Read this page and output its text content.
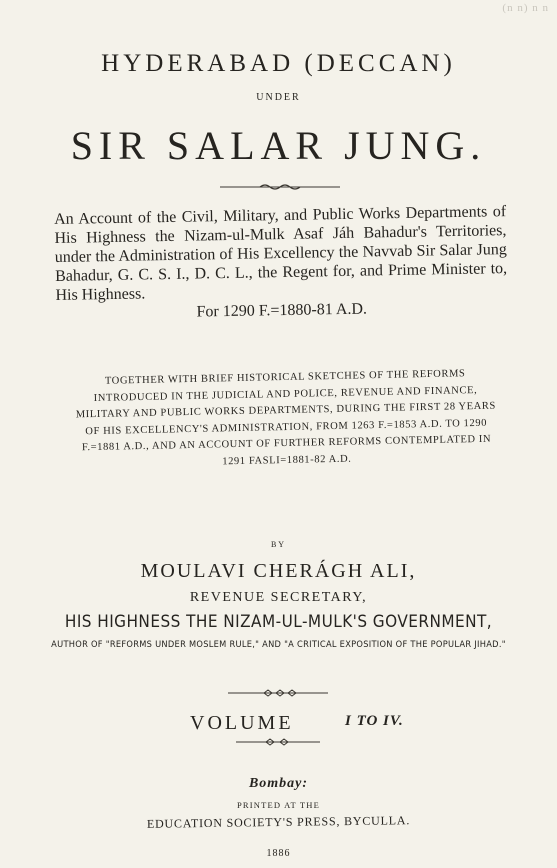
(n n) n n
HYDERABAD (DECCAN)
UNDER
SIR SALAR JUNG.
An Account of the Civil, Military, and Public Works Departments of His Highness the Nizam-ul-Mulk Asaf Jáh Bahadur's Territories, under the Administration of His Excellency the Navvab Sir Salar Jung Bahadur, G. C. S. I., D. C. L., the Regent for, and Prime Minister to, His Highness.
For 1290 F.=1880-81 A.D.
TOGETHER WITH BRIEF HISTORICAL SKETCHES OF THE REFORMS INTRODUCED IN THE JUDICIAL AND POLICE, REVENUE AND FINANCE, MILITARY AND PUBLIC WORKS DEPARTMENTS, DURING THE FIRST 28 YEARS OF HIS EXCELLENCY'S ADMINISTRATION, FROM 1263 F.=1853 A.D. TO 1290 F.=1881 A.D., AND AN ACCOUNT OF FURTHER REFORMS CONTEMPLATED IN 1291 FASLI=1881-82 A.D.
BY
MOULAVI CHERÁGH ALI,
REVENUE SECRETARY,
HIS HIGHNESS THE NIZAM-UL-MULK'S GOVERNMENT,
AUTHOR OF "REFORMS UNDER MOSLEM RULE," AND "A CRITICAL EXPOSITION OF THE POPULAR JIHAD."
VOLUME	I TO IV.
Bombay:
PRINTED AT THE
EDUCATION SOCIETY'S PRESS, BYCULLA.
1886
